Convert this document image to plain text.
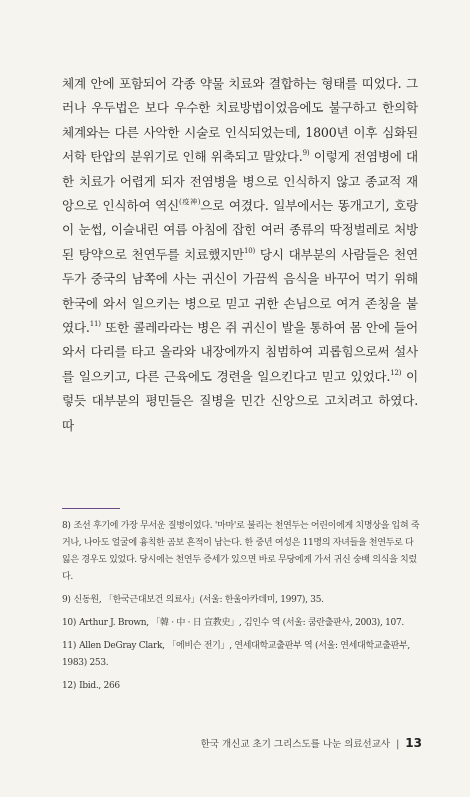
체계 안에 포함되어 각종 약물 치료와 결합하는 형태를 띠었다. 그러나 우두법은 보다 우수한 치료방법이었음에도 불구하고 한의학 체계와는 다른 사악한 시술로 인식되었는데, 1800년 이후 심화된 서학 탄압의 분위기로 인해 위축되고 말았다.$^{9)}$ 이렇게 전염병에 대한 치료가 어렵게 되자 전염병을 병으로 인식하지 않고 종교적 재앙으로 인식하여 역신$^{(疫神)}$으로 여겼다. 일부에서는 똥개고기, 호랑이 눈썹, 이슬내린 여름 아침에 잡힌 여러 종류의 딱정벌레로 처방된 탕약으로 천연두를 치료했지만$^{10)}$ 당시 대부분의 사람들은 천연두가 중국의 남쪽에 사는 귀신이 가끔씩 음식을 바꾸어 먹기 위해 한국에 와서 일으키는 병으로 믿고 귀한 손님으로 여겨 존칭을 붙였다.$^{11)}$ 또한 콜레라라는 병은 쥐 귀신이 발을 통하여 몸 안에 들어와서 다리를 타고 올라와 내장에까지 침범하여 괴롭힘으로써 설사를 일으키고, 다른 근육에도 경련을 일으킨다고 믿고 있었다.$^{12)}$ 이렇듯 대부분의 평민들은 질병을 민간 신앙으로 고치려고 하였다. 따

8) 조선 후기에 가장 무서운 질병이었다. '마마'로 불리는 천연두는 어린이에게 치명상을 입혀 죽거나, 나아도 얼굴에 흉칙한 곰보 흔적이 남는다. 한 중년 여성은 11명의 자녀들을 천연두로 다 잃은 경우도 있었다. 당시에는 천연두 증세가 있으면 바로 무당에게 가서 귀신 숭배 의식을 치렀다.

9) 신동원, 「한국근대보건 의료사」(서울: 한울아카데미, 1997), 35.

10) Arthur J. Brown, 「韓 · 中 · 日 宣教史」, 김인수 역 (서울: 쿰란출판사, 2003), 107.

11) Allen DeGray Clark, 「에비슨 전기」, 연세대학교출판부 역 (서울: 연세대학교출판부, 1983) 253.

12) Ibid., 266

한국 개신교 초기 그리스도를 나눈 의료선교사 | 13
